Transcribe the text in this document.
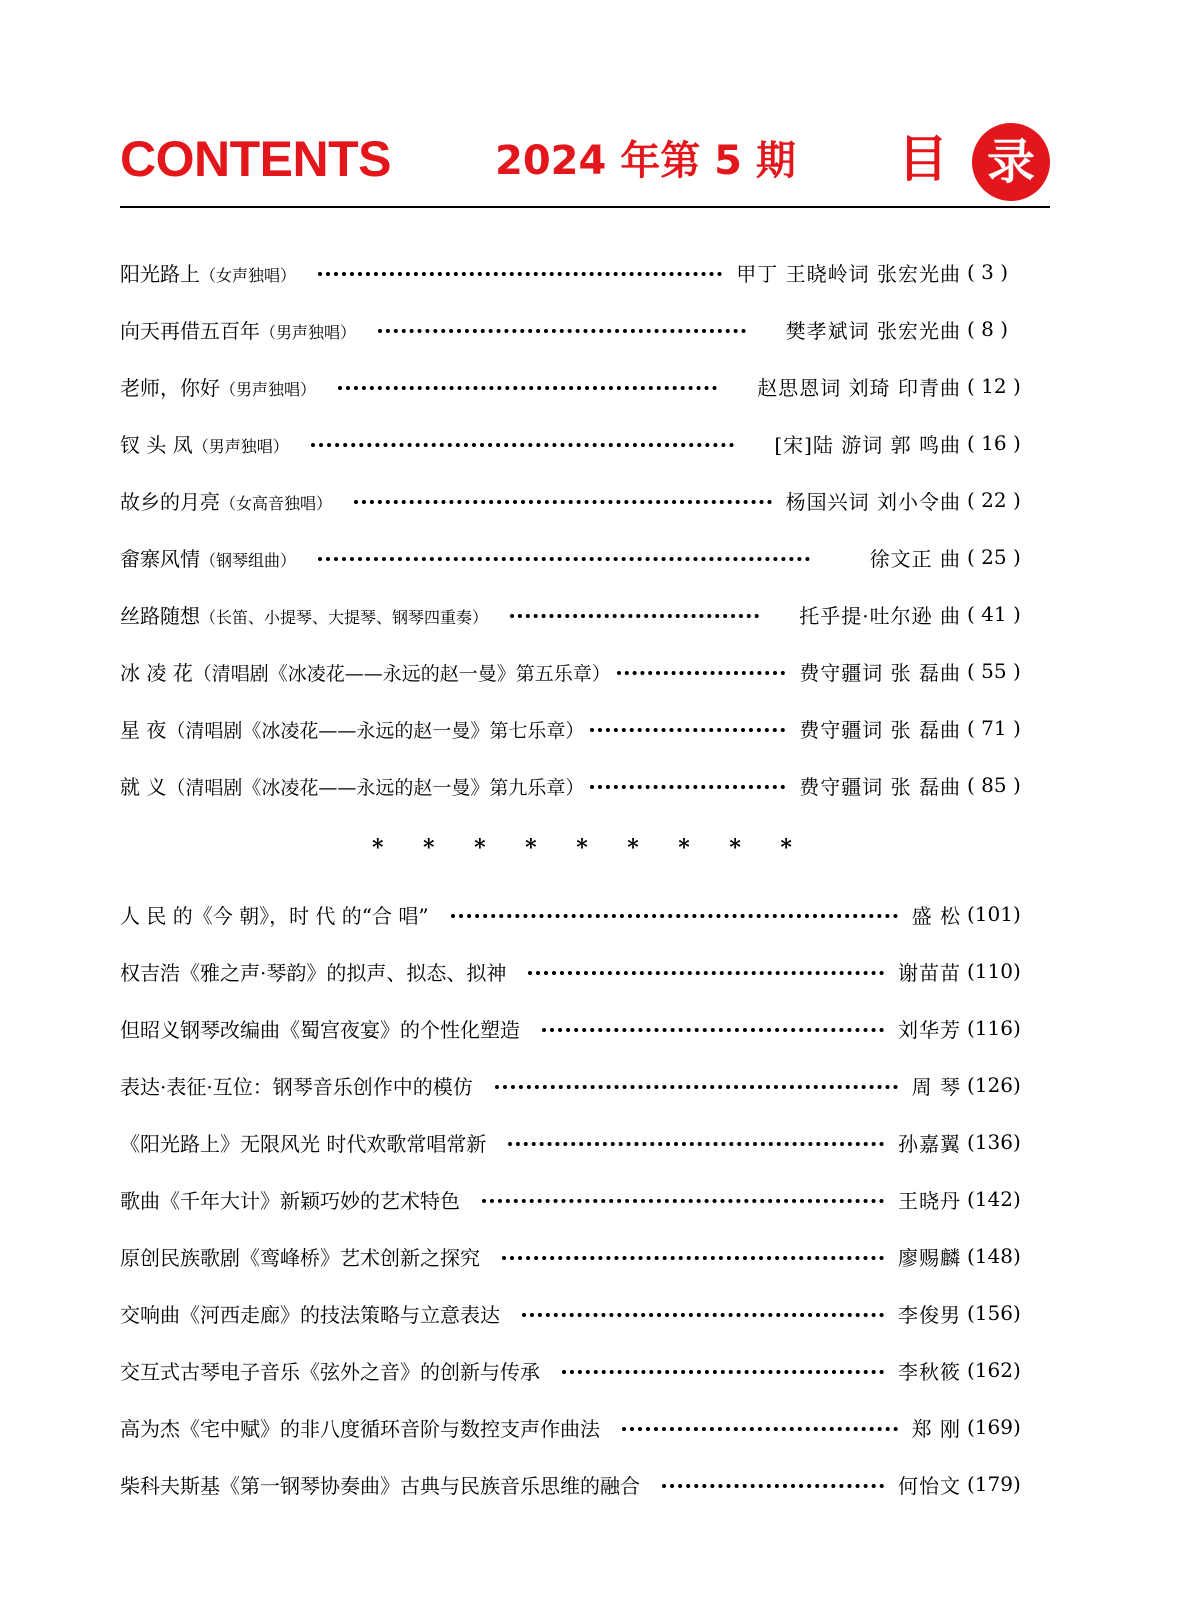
CONTENTS	2024 年第 5 期 目 录
阳光路上（女声独唱）	甲丁 王晓岭词 张宏光曲 ( 3 )
向天再借五百年（男声独唱）	樊孝斌词 张宏光曲 ( 8 )
老师，你好（男声独唱）	赵思恩词 刘琦 印青曲 ( 12 )
钗 头 凤（男声独唱）	[宋]陆 游词 郭 鸣曲 ( 16 )
故乡的月亮（女高音独唱）	杨国兴词 刘小令曲 ( 22 )
畲寨风情（钢琴组曲）	徐文正 曲 ( 25 )
丝路随想（长笛、小提琴、大提琴、钢琴四重奏）	托乎提·吐尔逊 曲 ( 41 )
冰 凌 花（清唱剧《冰凌花——永远的赵一曼》第五乐章）	费守疆词 张 磊曲 ( 55 )
星 夜（清唱剧《冰凌花——永远的赵一曼》第七乐章）	费守疆词 张 磊曲 ( 71 )
就 义（清唱剧《冰凌花——永远的赵一曼》第九乐章）	费守疆词 张 磊曲 ( 85 )
* * * * * * * * *
人 民 的《今 朝》，时 代 的“合 唱”	盛 松 (101)
权吉浩《雅之声·琴韵》的拟声、拟态、拟神	谢苗苗 (110)
但昭义钢琴改编曲《蜀宫夜宴》的个性化塑造	刘华芳 (116)
表达·表征·互位：钢琴音乐创作中的模仿	周 琴 (126)
《阳光路上》无限风光 时代欢歌常唱常新	孙嘉翼 (136)
歌曲《千年大计》新颖巧妙的艺术特色	王晓丹 (142)
原创民族歌剧《鸾峰桥》艺术创新之探究	廖赐麟 (148)
交响曲《河西走廊》的技法策略与立意表达	李俊男 (156)
交互式古琴电子音乐《弦外之音》的创新与传承	李秋筱 (162)
高为杰《宅中赋》的非八度循环音阶与数控支声作曲法	郑 刚 (169)
柴科夫斯基《第一钢琴协奏曲》古典与民族音乐思维的融合	何怡文 (179)
